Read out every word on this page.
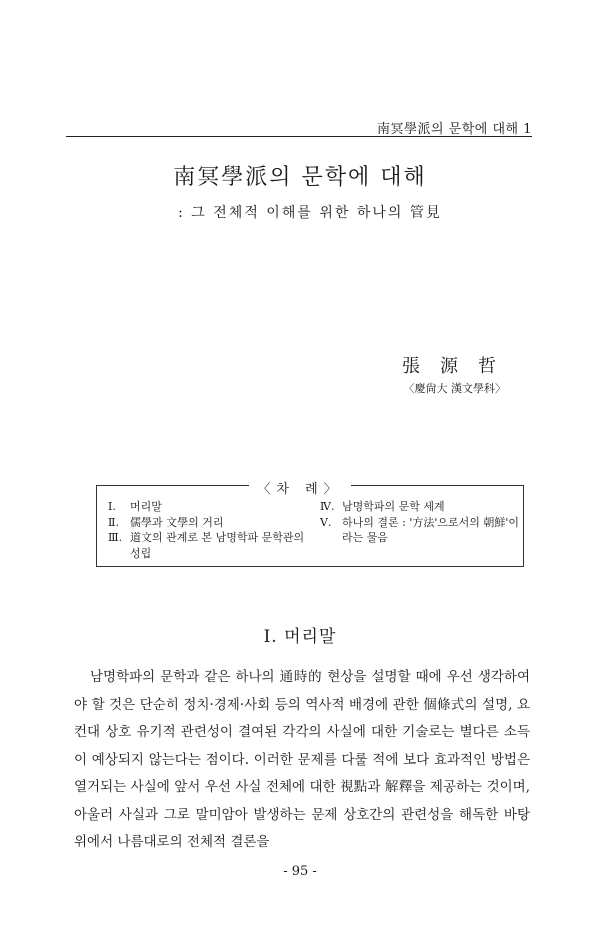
南冥學派의 문학에 대해 1
南冥學派의 문학에 대해
: 그 전체적 이해를 위한 하나의 管見
張源哲
〈慶尙大 漢文學科〉
〈차 례〉
Ⅰ.	머리말
Ⅱ.	儒學과 文學의 거리
Ⅲ. 道文의 관계로 본 남명학파 문학관의 성립
Ⅳ. 남명학파의 문학 세계
Ⅴ. 하나의 결론 : '方法'으로서의 朝鮮'이라는 물음
Ⅰ. 머리말

남명학파의 문학과 같은 하나의 通時的 현상을 설명할 때에 우선 생각하여야 할 것은 단순히 정치·경제·사회 등의 역사적 배경에 관한 個條式의 설명, 요컨대 상호 유기적 관련성이 결여된 각각의 사실에 대한 기술로는 별다른 소득이 예상되지 않는다는 점이다. 이러한 문제를 다룰 적에 보다 효과적인 방법은 열거되는 사실에 앞서 우선 사실 전체에 대한 視點과 解釋을 제공하는 것이며, 아울러 사실과 그로 말미암아 발생하는 문제 상호간의 관련성을 해독한 바탕 위에서 나름대로의 전체적 결론을

- 95 -
